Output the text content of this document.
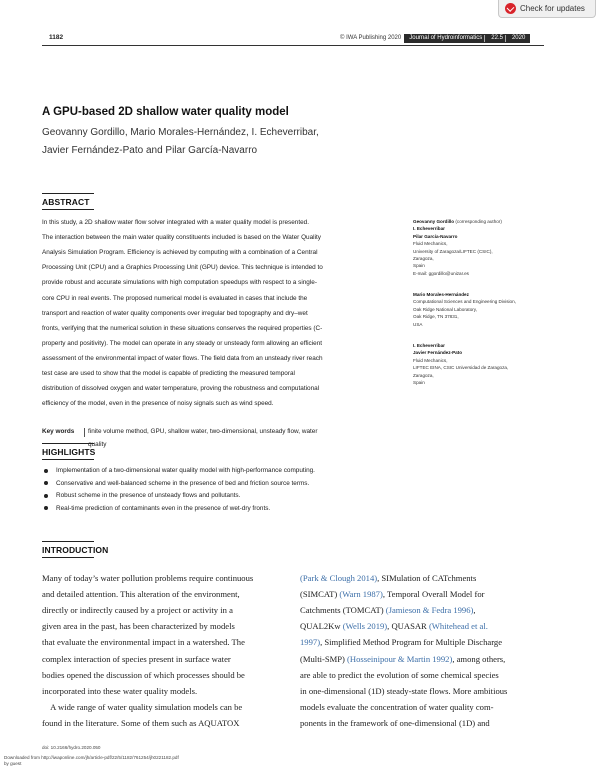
Check for updates
1182	© IWA Publishing 2020	Journal of Hydroinformatics	22.5	2020
A GPU-based 2D shallow water quality model
Geovanny Gordillo, Mario Morales-Hernández, I. Echeverribar,
Javier Fernández-Pato and Pilar García-Navarro
ABSTRACT
In this study, a 2D shallow water flow solver integrated with a water quality model is presented.
The interaction between the main water quality constituents included is based on the Water Quality
Analysis Simulation Program. Efficiency is achieved by computing with a combination of a Central
Processing Unit (CPU) and a Graphics Processing Unit (GPU) device. This technique is intended to
provide robust and accurate simulations with high computation speedups with respect to a single-
core CPU in real events. The proposed numerical model is evaluated in cases that include the
transport and reaction of water quality components over irregular bed topography and dry–wet
fronts, verifying that the numerical solution in these situations conserves the required properties (C-
property and positivity). The model can operate in any steady or unsteady form allowing an efficient
assessment of the environmental impact of water flows. The field data from an unsteady river reach
test case are used to show that the model is capable of predicting the measured temporal
distribution of dissolved oxygen and water temperature, proving the robustness and computational
efficiency of the model, even in the presence of noisy signals such as wind speed.
Key words finite volume method, GPU, shallow water, two-dimensional, unsteady flow, water
quality
Geovanny Gordillo (corresponding author)
I. Echeverribar
Pilar García-Navarro
Fluid Mechanics,
University of Zaragoza/LIFTEC (CSIC),
Zaragoza,
Spain
E-mail: ggordillo@unizar.es
Mario Morales-Hernández
Computational Sciences and Engineering Division,
Oak Ridge National Laboratory,
Oak Ridge, TN 37831,
USA
I. Echeverribar
Javier Fernández-Pato
Fluid Mechanics,
LIFTEC EINA, CSIC Universidad de Zaragoza,
Zaragoza,
Spain
HIGHLIGHTS
Implementation of a two-dimensional water quality model with high-performance computing.
Conservative and well-balanced scheme in the presence of bed and friction source terms.
Robust scheme in the presence of unsteady flows and pollutants.
Real-time prediction of contaminants even in the presence of wet-dry fronts.
INTRODUCTION
Many of today’s water pollution problems require continuous
and detailed attention. This alteration of the environment,
directly or indirectly caused by a project or activity in a
given area in the past, has been characterized by models
that evaluate the environmental impact in a watershed. The
complex interaction of species present in surface water
bodies opened the discussion of which processes should be
incorporated into these water quality models.
A wide range of water quality simulation models can be
found in the literature. Some of them such as AQUATOX
(Park & Clough 2014), SIMulation of CATchments
(SIMCAT) (Warn 1987), Temporal Overall Model for
Catchments (TOMCAT) (Jamieson & Fedra 1996),
QUAL2Kw (Wells 2019), QUASAR (Whitehead et al.
1997), Simplified Method Program for Multiple Discharge
(Multi-SMP) (Hosseinipour & Martin 1992), among others,
are able to predict the evolution of some chemical species
in one-dimensional (1D) steady-state flows. More ambitious
models evaluate the concentration of water quality com-
ponents in the framework of one-dimensional (1D) and
doi: 10.2166/hydro.2020.050
Downloaded from http://iwaponline.com/jh/article-pdf/22/5/1182/761254/jh0221182.pdf
by guest
